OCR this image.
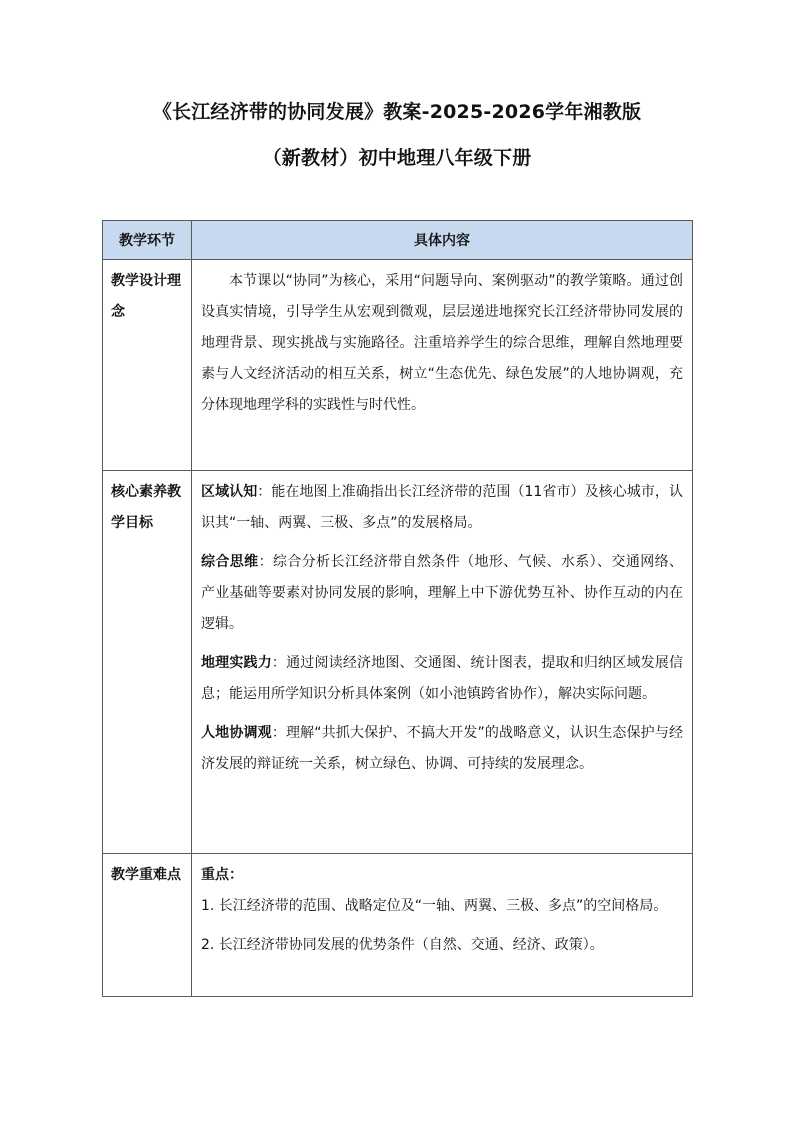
《长江经济带的协同发展》教案-2025-2026学年湘教版
（新教材）初中地理八年级下册
教学环节	具体内容

教学设计理念	本节课以“协同”为核心，采用“问题导向、案例驱动”的教学策略。通过创设真实情境，引导学生从宏观到微观，层层递进地探究长江经济带协同发展的地理背景、现实挑战与实施路径。注重培养学生的综合思维，理解自然地理要素与人文经济活动的相互关系，树立“生态优先、绿色发展”的人地协调观，充分体现地理学科的实践性与时代性。

核心素养教学目标	区域认知：能在地图上准确指出长江经济带的范围（11省市）及核心城市，认识其“一轴、两翼、三极、多点”的发展格局。
综合思维：综合分析长江经济带自然条件（地形、气候、水系）、交通网络、产业基础等要素对协同发展的影响，理解上中下游优势互补、协作互动的内在逻辑。
地理实践力：通过阅读经济地图、交通图、统计图表，提取和归纳区域发展信息；能运用所学知识分析具体案例（如小池镇跨省协作），解决实际问题。
人地协调观：理解“共抓大保护、不搞大开发”的战略意义，认识生态保护与经济发展的辩证统一关系，树立绿色、协调、可持续的发展理念。

教学重难点	重点：
1. 长江经济带的范围、战略定位及“一轴、两翼、三极、多点”的空间格局。
2. 长江经济带协同发展的优势条件（自然、交通、经济、政策）。
